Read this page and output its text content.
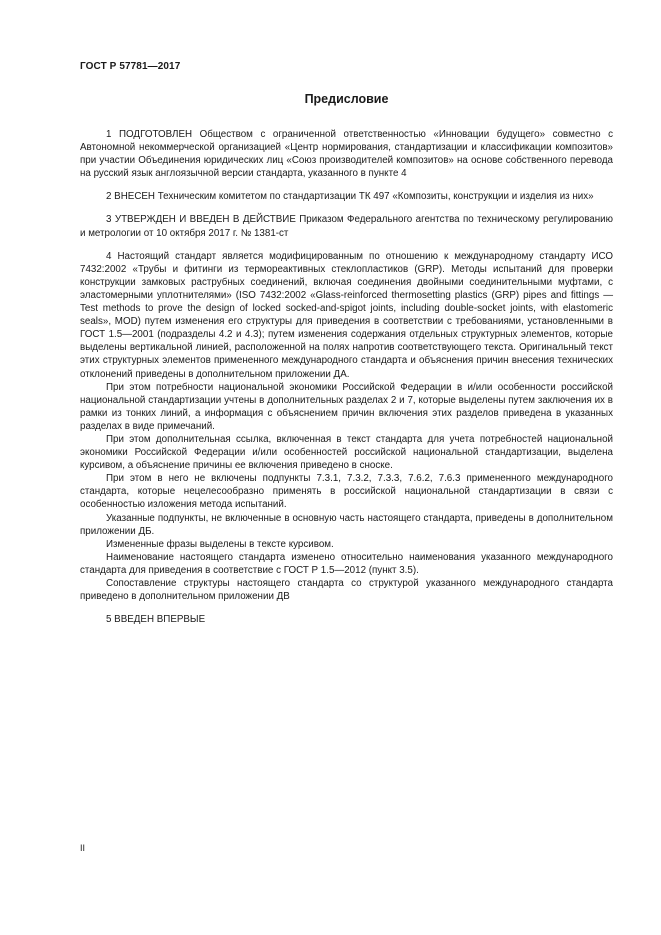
ГОСТ Р 57781—2017
Предисловие

1 ПОДГОТОВЛЕН Обществом с ограниченной ответственностью «Инновации будущего» совместно с Автономной некоммерческой организацией «Центр нормирования, стандартизации и классификации композитов» при участии Объединения юридических лиц «Союз производителей композитов» на основе собственного перевода на русский язык англоязычной версии стандарта, указанного в пункте 4

2 ВНЕСЕН Техническим комитетом по стандартизации ТК 497 «Композиты, конструкции и изделия из них»

3 УТВЕРЖДЕН И ВВЕДЕН В ДЕЙСТВИЕ Приказом Федерального агентства по техническому регулированию и метрологии от 10 октября 2017 г. № 1381-ст

4 Настоящий стандарт является модифицированным по отношению к международному стандарту ИСО 7432:2002 «Трубы и фитинги из термореактивных стеклопластиков (GRP). Методы испытаний для проверки конструкции замковых раструбных соединений, включая соединения двойными соединительными муфтами, с эластомерными уплотнителями» (ISO 7432:2002 «Glass-reinforced thermosetting plastics (GRP) pipes and fittings —Test methods to prove the design of locked socked-and-spigot joints, including double-socket joints, with elastomeric seals», MOD) путем изменения его структуры для приведения в соответствии с требованиями, установленными в ГОСТ 1.5—2001 (подразделы 4.2 и 4.3); путем изменения содержания отдельных структурных элементов, которые выделены вертикальной линией, расположенной на полях напротив соответствующего текста. Оригинальный текст этих структурных элементов примененного международного стандарта и объяснения причин внесения технических отклонений приведены в дополнительном приложении ДА.

При этом потребности национальной экономики Российской Федерации в и/или особенности российской национальной стандартизации учтены в дополнительных разделах 2 и 7, которые выделены путем заключения их в рамки из тонких линий, а информация с объяснением причин включения этих разделов приведена в указанных разделах в виде примечаний.

При этом дополнительная ссылка, включенная в текст стандарта для учета потребностей национальной экономики Российской Федерации и/или особенностей российской национальной стандартизации, выделена курсивом, а объяснение причины ее включения приведено в сноске.

При этом в него не включены подпункты 7.3.1, 7.3.2, 7.3.3, 7.6.2, 7.6.3 примененного международного стандарта, которые нецелесообразно применять в российской национальной стандартизации в связи с особенностью изложения метода испытаний.

Указанные подпункты, не включенные в основную часть настоящего стандарта, приведены в дополнительном приложении ДБ.

Измененные фразы выделены в тексте курсивом.

Наименование настоящего стандарта изменено относительно наименования указанного международного стандарта для приведения в соответствие с ГОСТ Р 1.5—2012 (пункт 3.5).

Сопоставление структуры настоящего стандарта со структурой указанного международного стандарта приведено в дополнительном приложении ДВ

5 ВВЕДЕН ВПЕРВЫЕ

II
